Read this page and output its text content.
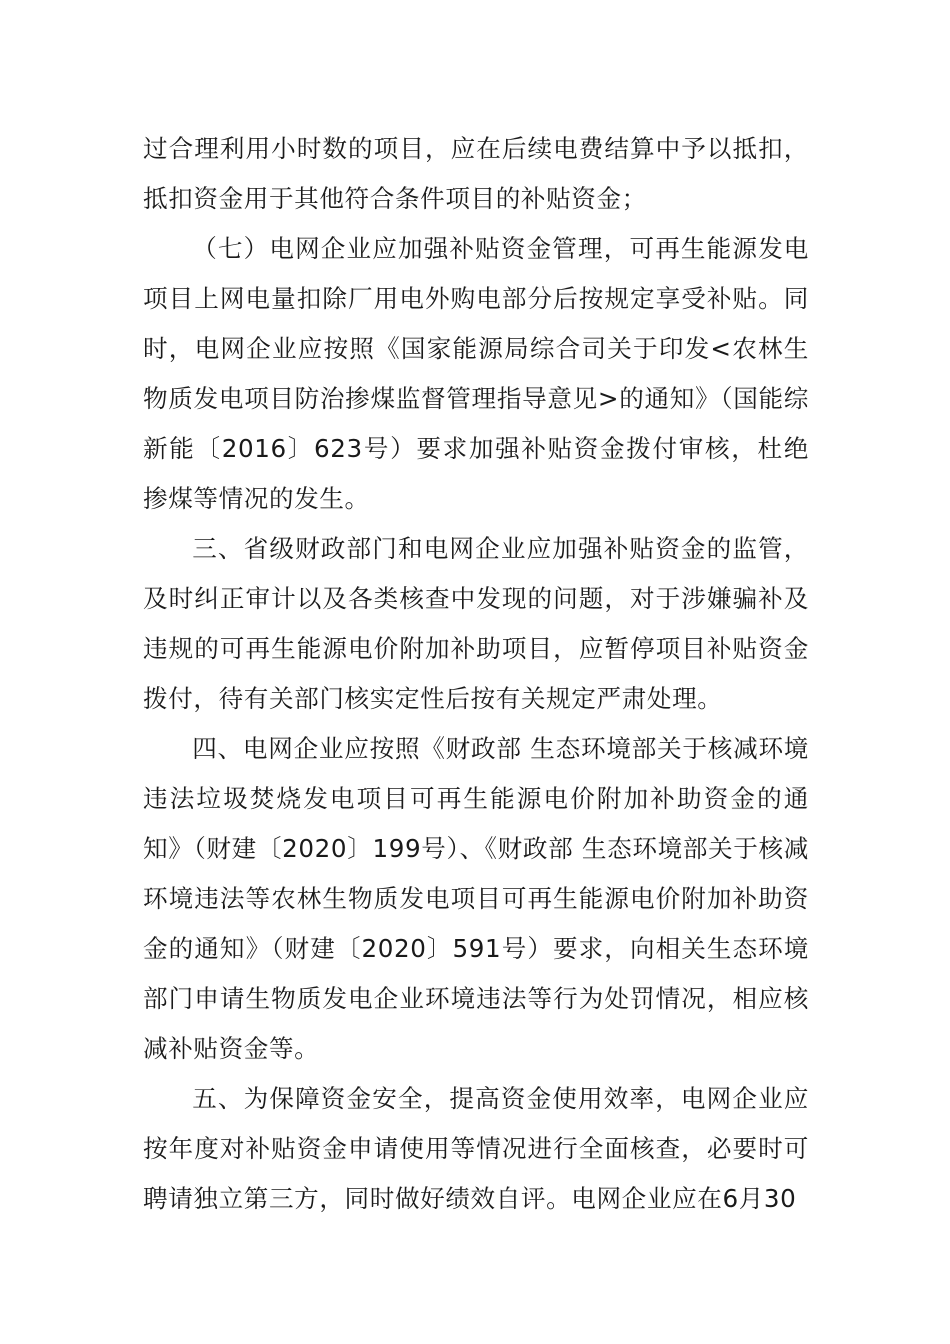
过合理利用小时数的项目，应在后续电费结算中予以抵扣，抵扣资金用于其他符合条件项目的补贴资金；

（七）电网企业应加强补贴资金管理，可再生能源发电项目上网电量扣除厂用电外购电部分后按规定享受补贴。同时，电网企业应按照《国家能源局综合司关于印发<农林生物质发电项目防治掺煤监督管理指导意见>的通知》（国能综新能〔2016〕623号）要求加强补贴资金拨付审核，杜绝掺煤等情况的发生。

三、省级财政部门和电网企业应加强补贴资金的监管，及时纠正审计以及各类核查中发现的问题，对于涉嫌骗补及违规的可再生能源电价附加补助项目，应暂停项目补贴资金拨付，待有关部门核实定性后按有关规定严肃处理。

四、电网企业应按照《财政部 生态环境部关于核减环境违法垃圾焚烧发电项目可再生能源电价附加补助资金的通知》（财建〔2020〕199号）、《财政部 生态环境部关于核减环境违法等农林生物质发电项目可再生能源电价附加补助资金的通知》（财建〔2020〕591号）要求，向相关生态环境部门申请生物质发电企业环境违法等行为处罚情况，相应核减补贴资金等。

五、为保障资金安全，提高资金使用效率，电网企业应按年度对补贴资金申请使用等情况进行全面核查，必要时可聘请独立第三方，同时做好绩效自评。电网企业应在6月30
